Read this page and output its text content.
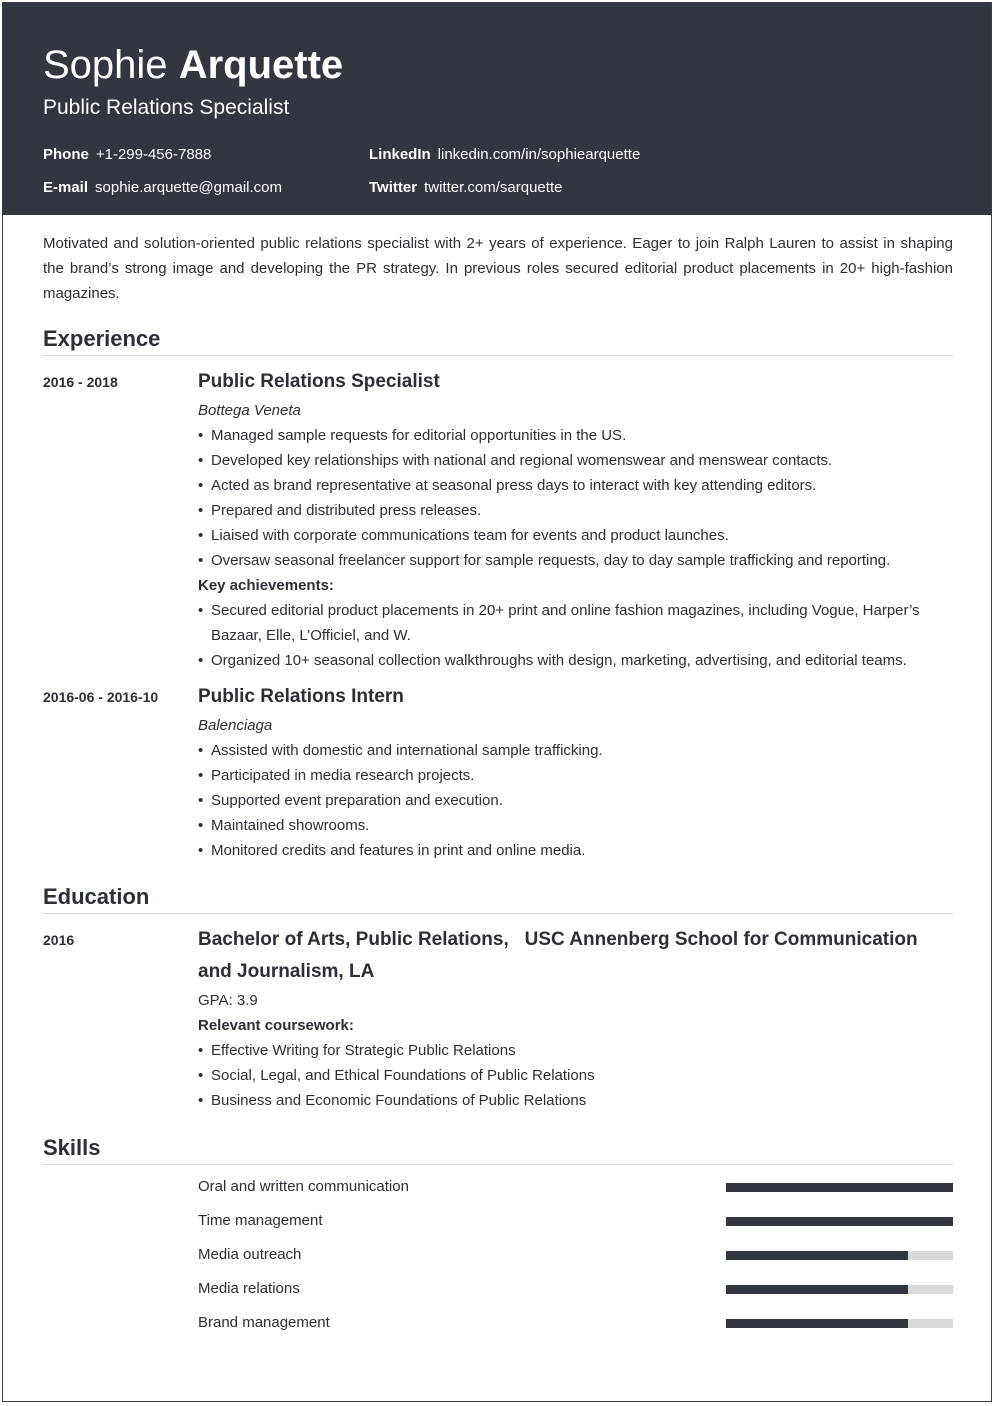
Sophie Arquette
Public Relations Specialist
Phone +1-299-456-7888
E-mail sophie.arquette@gmail.com
LinkedIn linkedin.com/in/sophiearquette
Twitter twitter.com/sarquette
Motivated and solution-oriented public relations specialist with 2+ years of experience. Eager to join Ralph Lauren to assist in shaping the brand’s strong image and developing the PR strategy. In previous roles secured editorial product placements in 20+ high-fashion magazines.
Experience
2016 - 2018	Public Relations Specialist
Bottega Veneta
• Managed sample requests for editorial opportunities in the US.
• Developed key relationships with national and regional womenswear and menswear contacts.
• Acted as brand representative at seasonal press days to interact with key attending editors.
• Prepared and distributed press releases.
• Liaised with corporate communications team for events and product launches.
• Oversaw seasonal freelancer support for sample requests, day to day sample trafficking and reporting.
Key achievements:
• Secured editorial product placements in 20+ print and online fashion magazines, including Vogue, Harper’s Bazaar, Elle, L’Officiel, and W.
• Organized 10+ seasonal collection walkthroughs with design, marketing, advertising, and editorial teams.
2016-06 - 2016-10 Public Relations Intern
Balenciaga
• Assisted with domestic and international sample trafficking.
• Participated in media research projects.
• Supported event preparation and execution.
• Maintained showrooms.
• Monitored credits and features in print and online media.
Education
2016	Bachelor of Arts, Public Relations, USC Annenberg School for Communication and Journalism, LA
GPA: 3.9
Relevant coursework:
• Effective Writing for Strategic Public Relations
• Social, Legal, and Ethical Foundations of Public Relations
• Business and Economic Foundations of Public Relations
Skills
Oral and written communication
Time management
Media outreach
Media relations
Brand management
